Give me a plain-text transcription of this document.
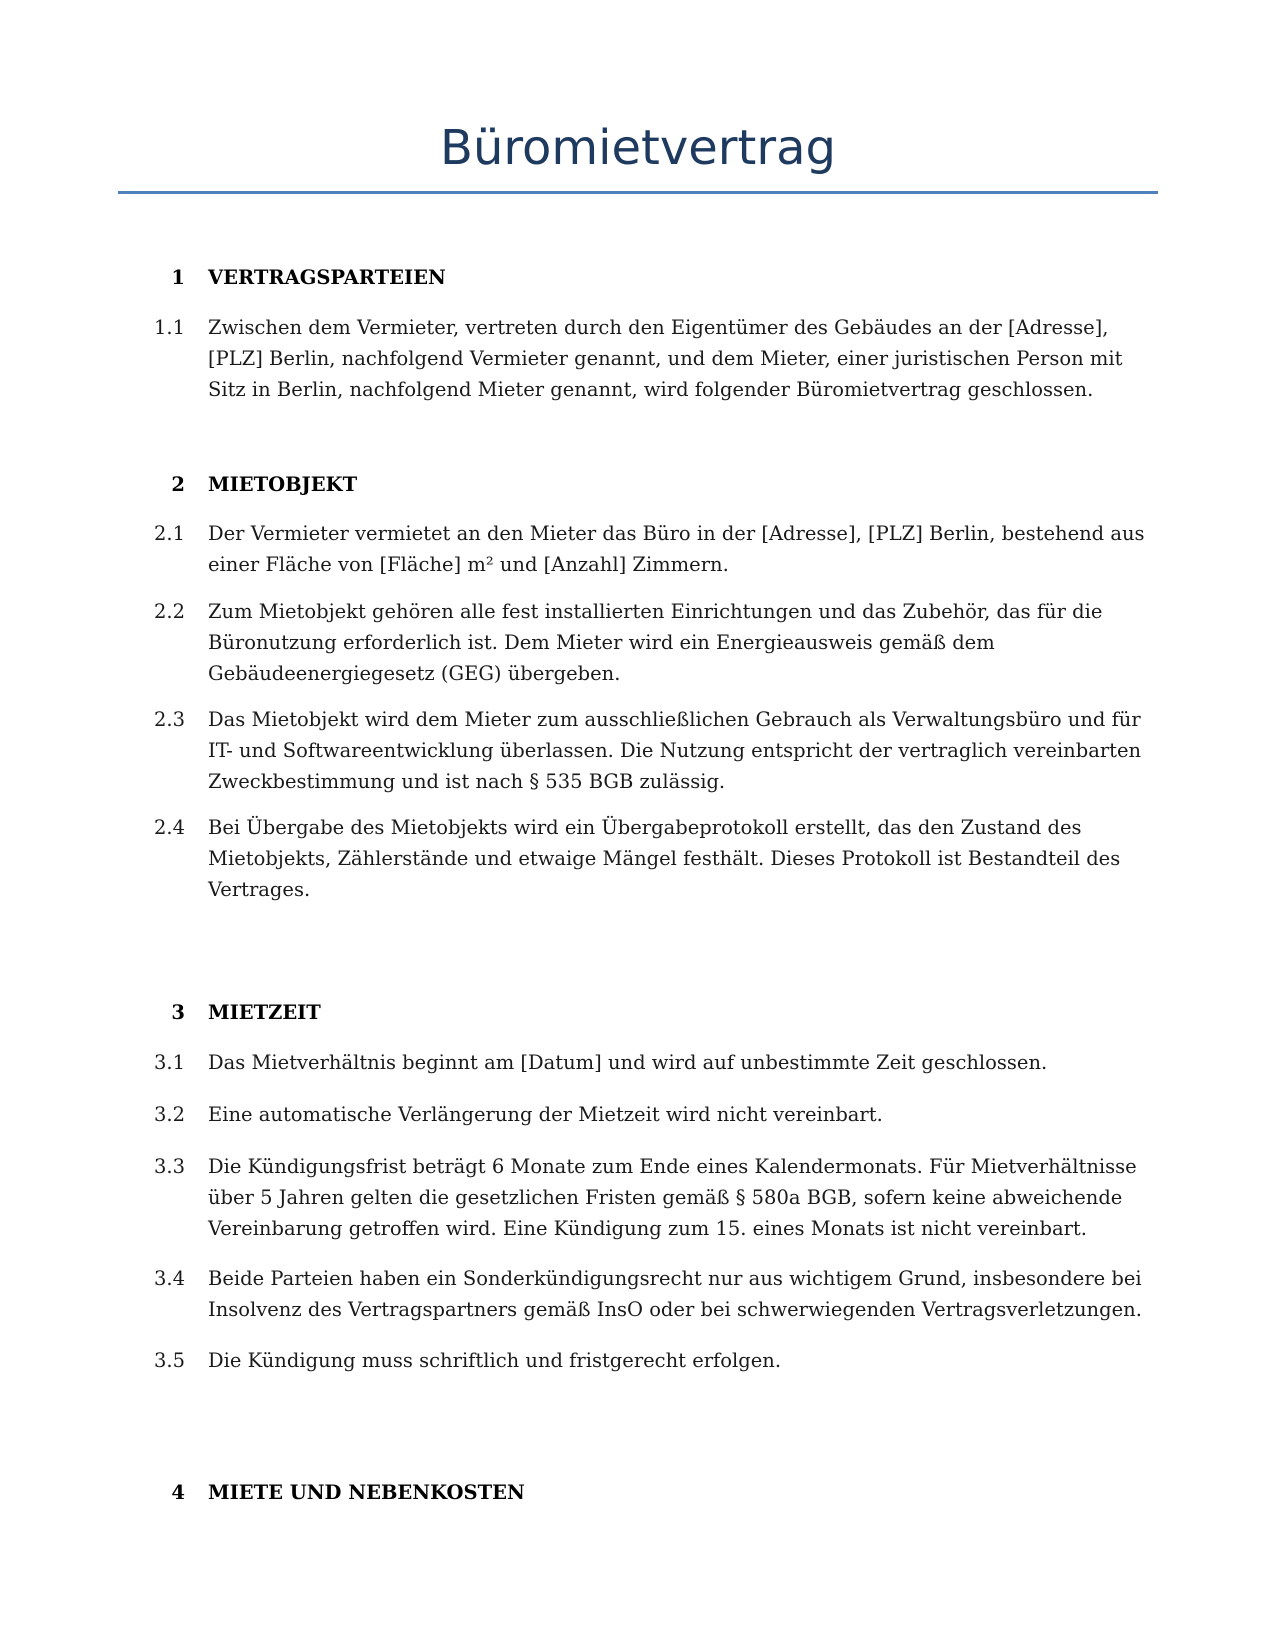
Büromietvertrag
1 VERTRAGSPARTEIEN
1.1 Zwischen dem Vermieter, vertreten durch den Eigentümer des Gebäudes an der [Adresse],
[PLZ] Berlin, nachfolgend Vermieter genannt, und dem Mieter, einer juristischen Person mit
Sitz in Berlin, nachfolgend Mieter genannt, wird folgender Büromietvertrag geschlossen.
2 MIETOBJEKT
2.1 Der Vermieter vermietet an den Mieter das Büro in der [Adresse], [PLZ] Berlin, bestehend aus
einer Fläche von [Fläche] m² und [Anzahl] Zimmern.
2.2 Zum Mietobjekt gehören alle fest installierten Einrichtungen und das Zubehör, das für die
Büronutzung erforderlich ist. Dem Mieter wird ein Energieausweis gemäß dem
Gebäudeenergiegesetz (GEG) übergeben.
2.3 Das Mietobjekt wird dem Mieter zum ausschließlichen Gebrauch als Verwaltungsbüro und für
IT- und Softwareentwicklung überlassen. Die Nutzung entspricht der vertraglich vereinbarten
Zweckbestimmung und ist nach § 535 BGB zulässig.
2.4 Bei Übergabe des Mietobjekts wird ein Übergabeprotokoll erstellt, das den Zustand des
Mietobjekts, Zählerstände und etwaige Mängel festhält. Dieses Protokoll ist Bestandteil des
Vertrages.
3 MIETZEIT
3.1 Das Mietverhältnis beginnt am [Datum] und wird auf unbestimmte Zeit geschlossen.
3.2 Eine automatische Verlängerung der Mietzeit wird nicht vereinbart.
3.3 Die Kündigungsfrist beträgt 6 Monate zum Ende eines Kalendermonats. Für Mietverhältnisse
über 5 Jahren gelten die gesetzlichen Fristen gemäß § 580a BGB, sofern keine abweichende
Vereinbarung getroffen wird. Eine Kündigung zum 15. eines Monats ist nicht vereinbart.
3.4 Beide Parteien haben ein Sonderkündigungsrecht nur aus wichtigem Grund, insbesondere bei
Insolvenz des Vertragspartners gemäß InsO oder bei schwerwiegenden Vertragsverletzungen.
3.5 Die Kündigung muss schriftlich und fristgerecht erfolgen.
4 MIETE UND NEBENKOSTEN
